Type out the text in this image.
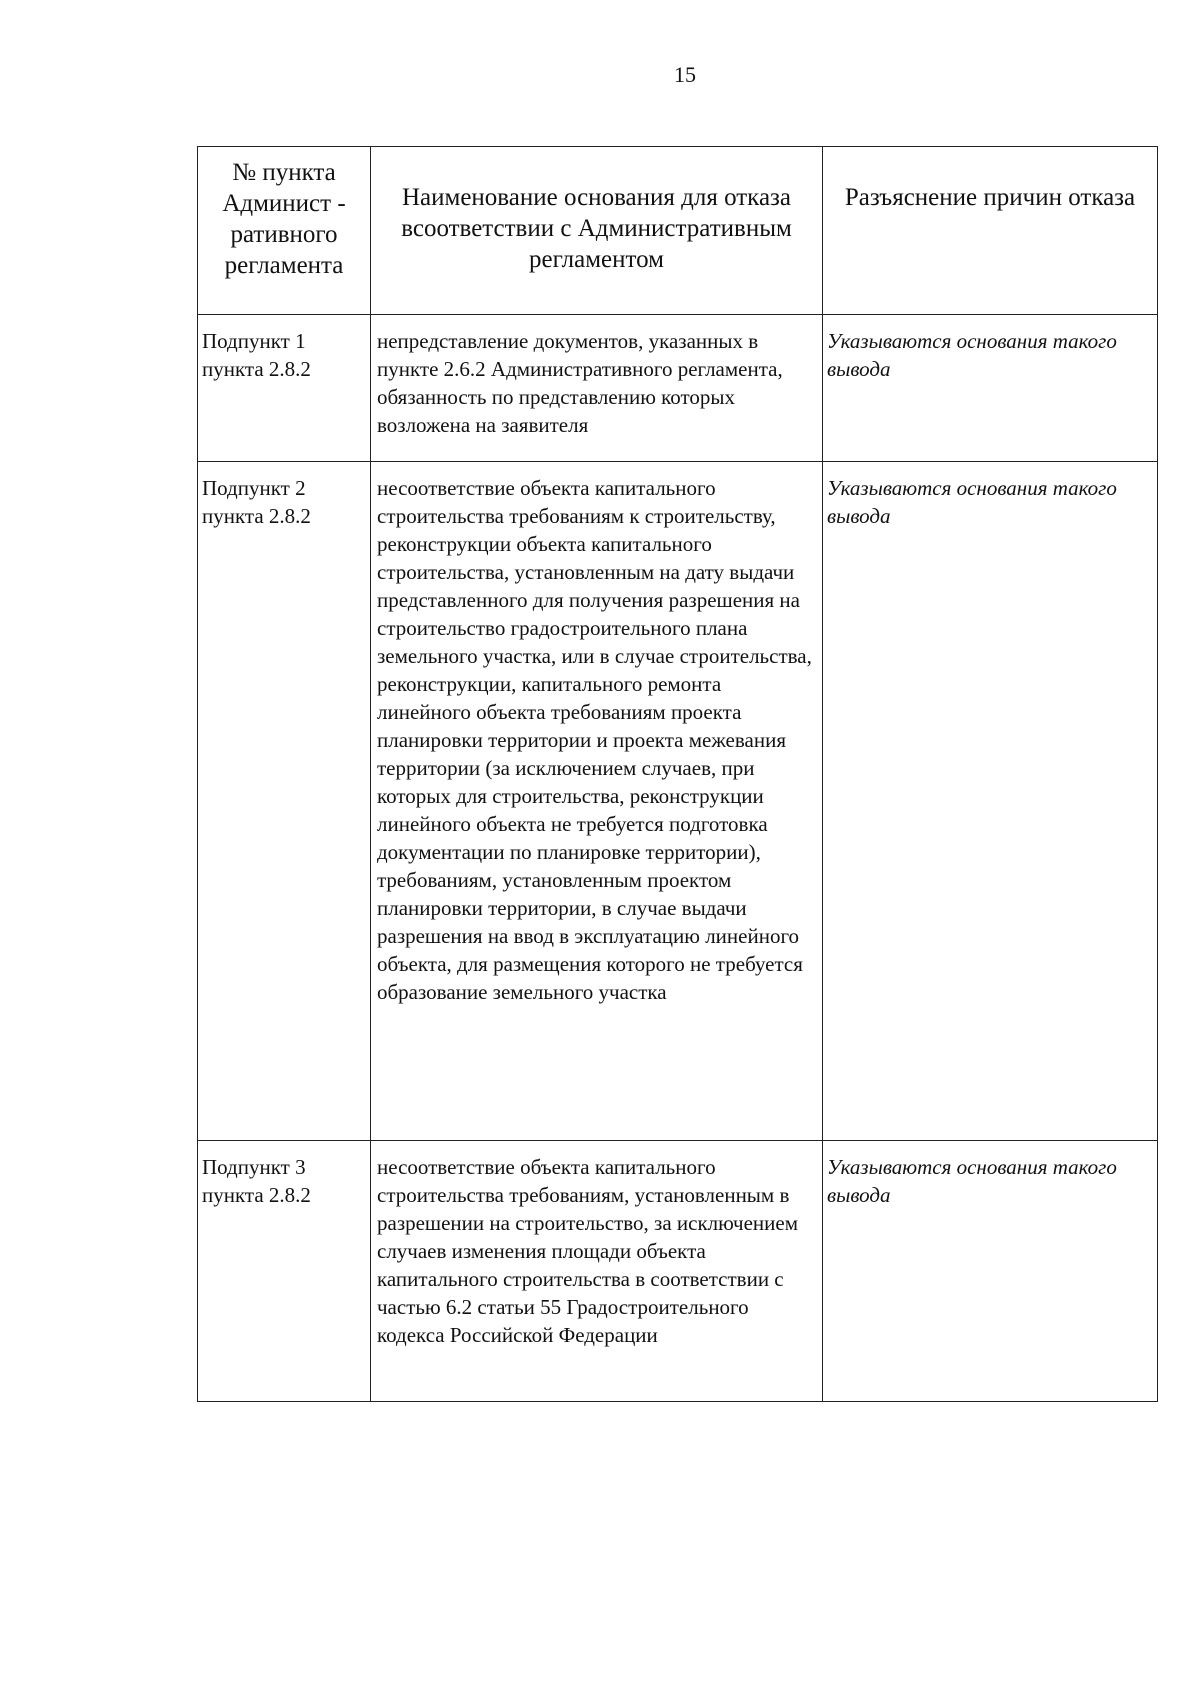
15
№ пункта Админист - ративного регламента	Наименование основания для отказа всоответствии с Административным регламентом	Разъяснение причин отказа

Подпункт 1 пункта 2.8.2	непредставление документов, указанных в пункте 2.6.2 Административного регламента, обязанность по представлению которых возложена на заявителя	Указываются основания такого вывода

Подпункт 2 пункта 2.8.2	несоответствие объекта капитального строительства требованиям к строительству, реконструкции объекта капитального строительства, установленным на дату выдачи представленного для получения разрешения на строительство градостроительного плана земельного участка, или в случае строительства, реконструкции, капитального ремонта линейного объекта требованиям проекта планировки территории и проекта межевания территории (за исключением случаев, при которых для строительства, реконструкции линейного объекта не требуется подготовка документации по планировке территории), требованиям, установленным проектом планировки территории, в случае выдачи разрешения на ввод в эксплуатацию линейного объекта, для размещения которого не требуется образование земельного участка	Указываются основания такого вывода

Подпункт 3 пункта 2.8.2	несоответствие объекта капитального строительства требованиям, установленным в разрешении на строительство, за исключением случаев изменения площади объекта капитального строительства в соответствии с частью 6.2 статьи 55 Градостроительного кодекса Российской Федерации	Указываются основания такого вывода
